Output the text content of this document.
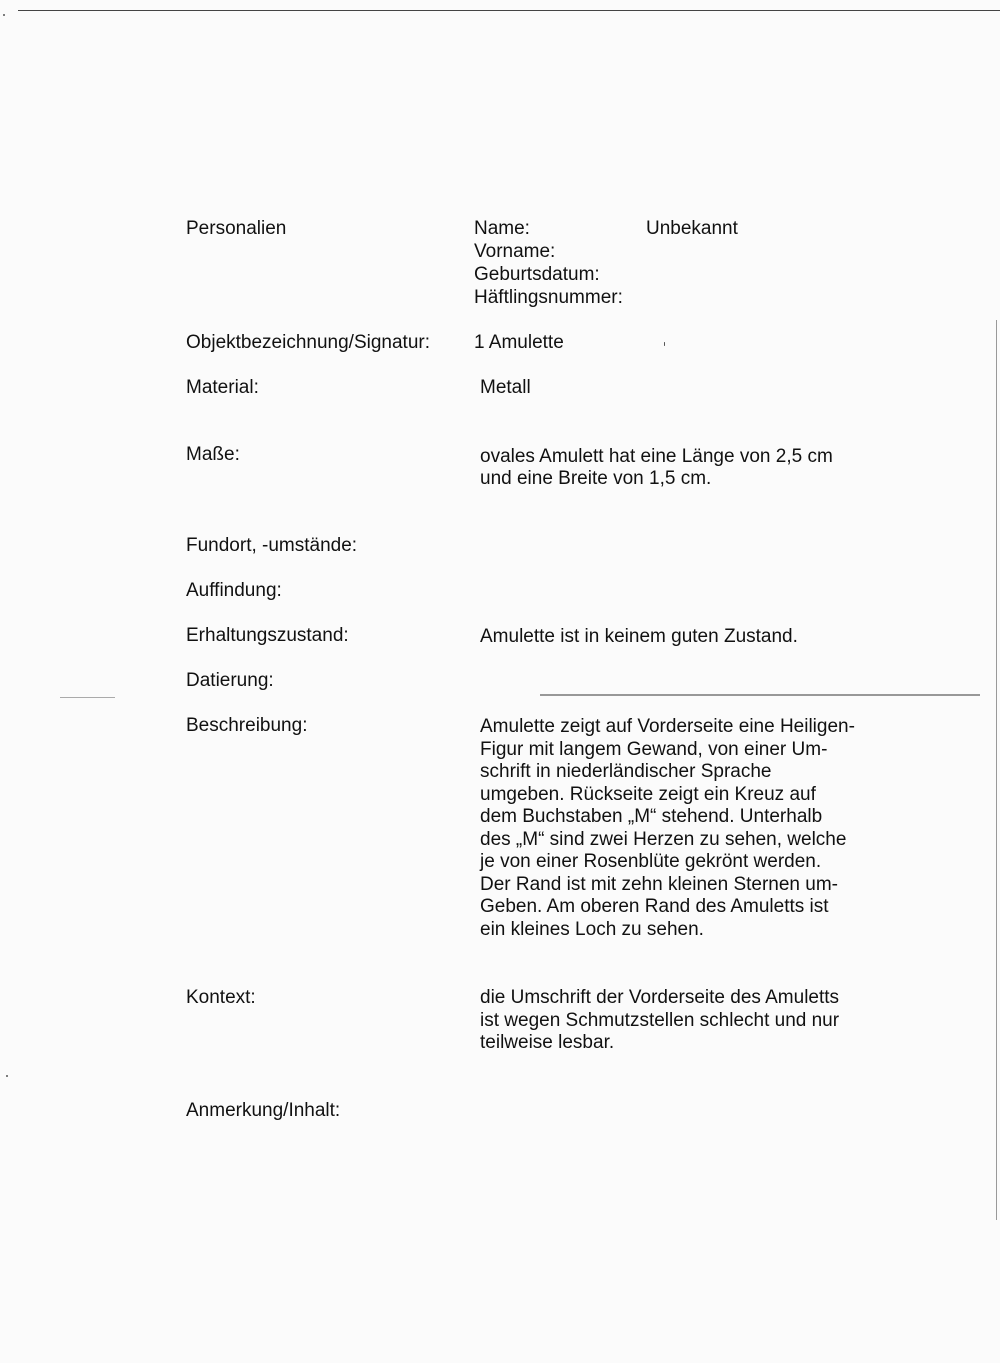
Personalien	Name:	Unbekannt
Vorname:
Geburtsdatum:
Häftlingsnummer:
Objektbezeichnung/Signatur: 1 Amulette
Material:	Metall
Maße:	ovales Amulett hat eine Länge von 2,5 cm
und eine Breite von 1,5 cm.
Fundort, -umstände:
Auffindung:
Erhaltungszustand:	Amulette ist in keinem guten Zustand.
Datierung:
Beschreibung:	Amulette zeigt auf Vorderseite eine Heiligen-
Figur mit langem Gewand, von einer Um-
schrift in niederländischer Sprache
umgeben. Rückseite zeigt ein Kreuz auf
dem Buchstaben „M“ stehend. Unterhalb
des „M“ sind zwei Herzen zu sehen, welche
je von einer Rosenblüte gekrönt werden.
Der Rand ist mit zehn kleinen Sternen um-
Geben. Am oberen Rand des Amuletts ist
ein kleines Loch zu sehen.
Kontext:	die Umschrift der Vorderseite des Amuletts
ist wegen Schmutzstellen schlecht und nur
teilweise lesbar.
Anmerkung/Inhalt:
